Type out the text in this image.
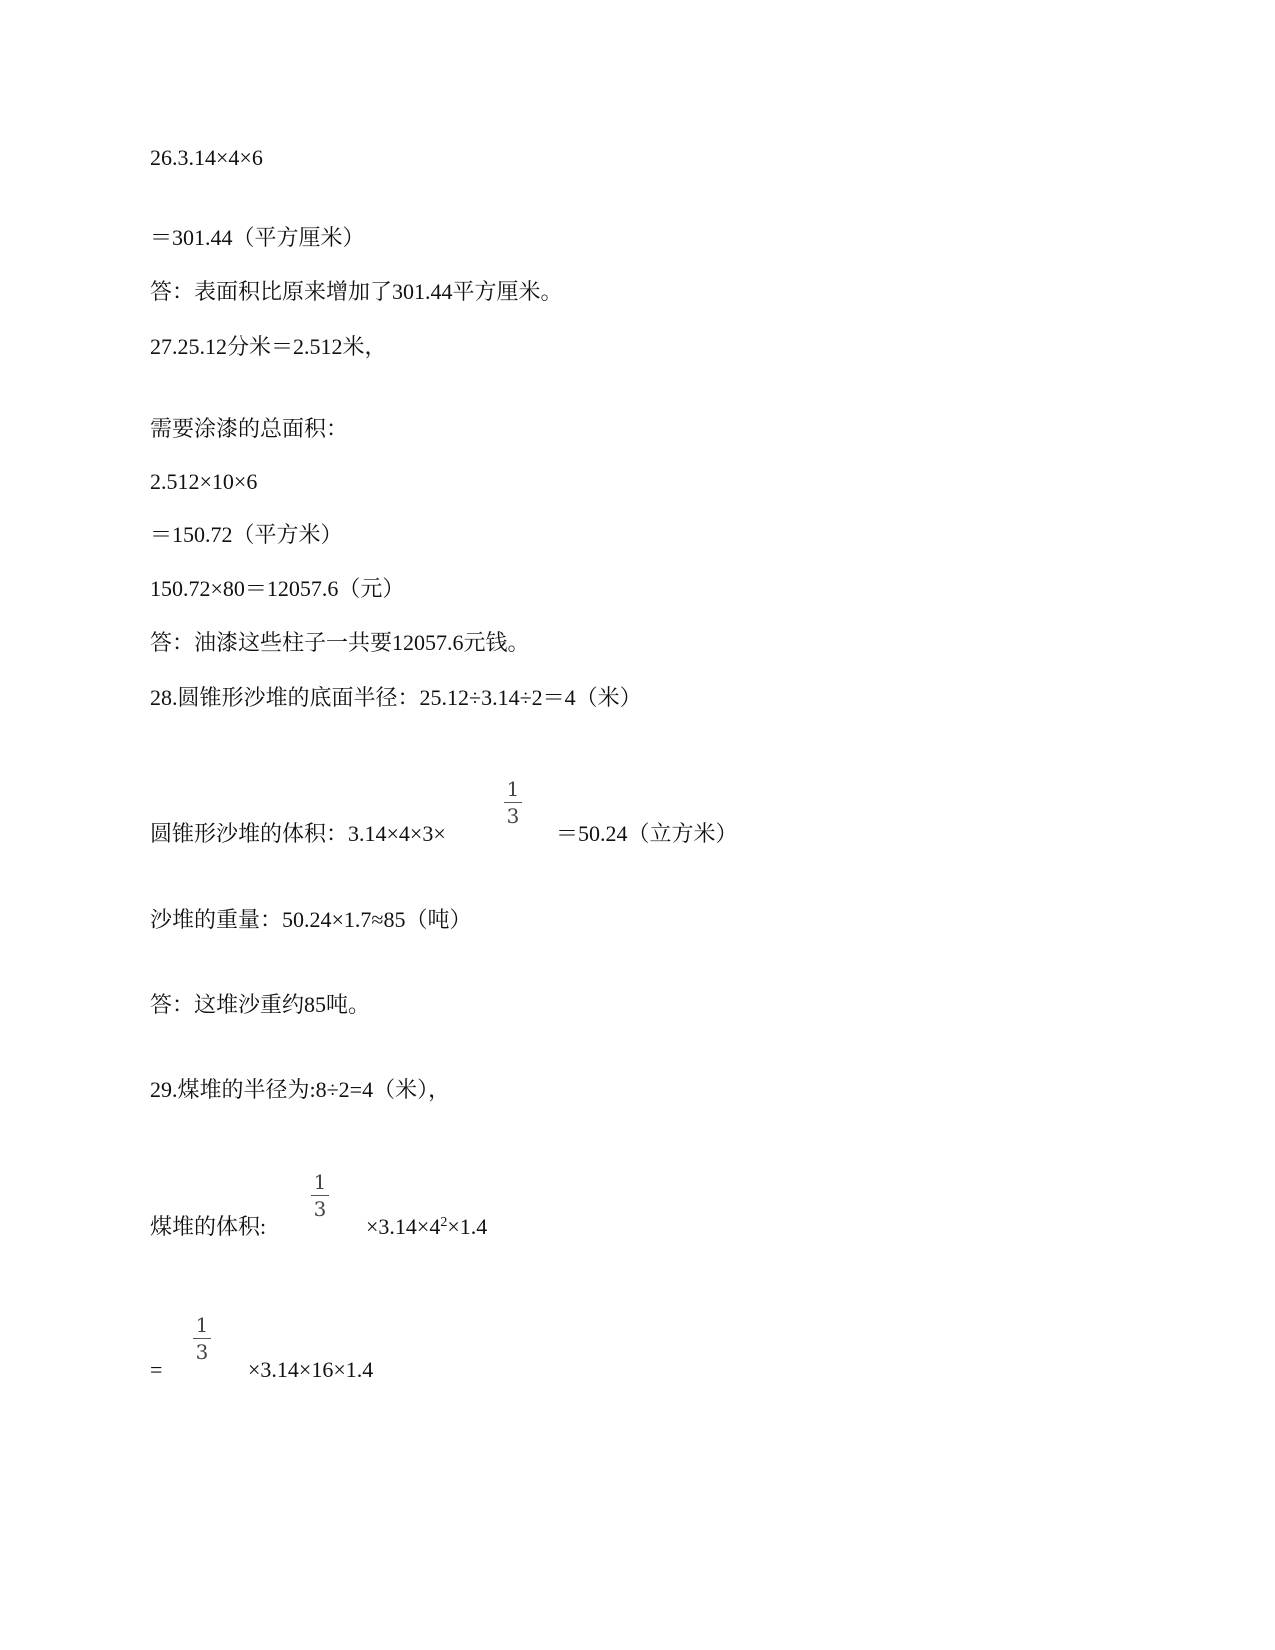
26.3.14×4×6
＝301.44（平方厘米）
答：表面积比原来增加了301.44平方厘米。
27.25.12分米＝2.512米，
需要涂漆的总面积：
2.512×10×6
＝150.72（平方米）
150.72×80＝12057.6（元）
答：油漆这些柱子一共要12057.6元钱。
28.圆锥形沙堆的底面半径：25.12÷3.14÷2＝4（米）
圆锥形沙堆的体积：3.14×4×3×
1
3
＝50.24（立方米）
沙堆的重量：50.24×1.7≈85（吨）
答：这堆沙重约85吨。
29.煤堆的半径为:8÷2=4（米），
煤堆的体积:
1
3
$\times 3.14\times 4^2\times 1.4$
=
1
3
×3.14×16×1.4
